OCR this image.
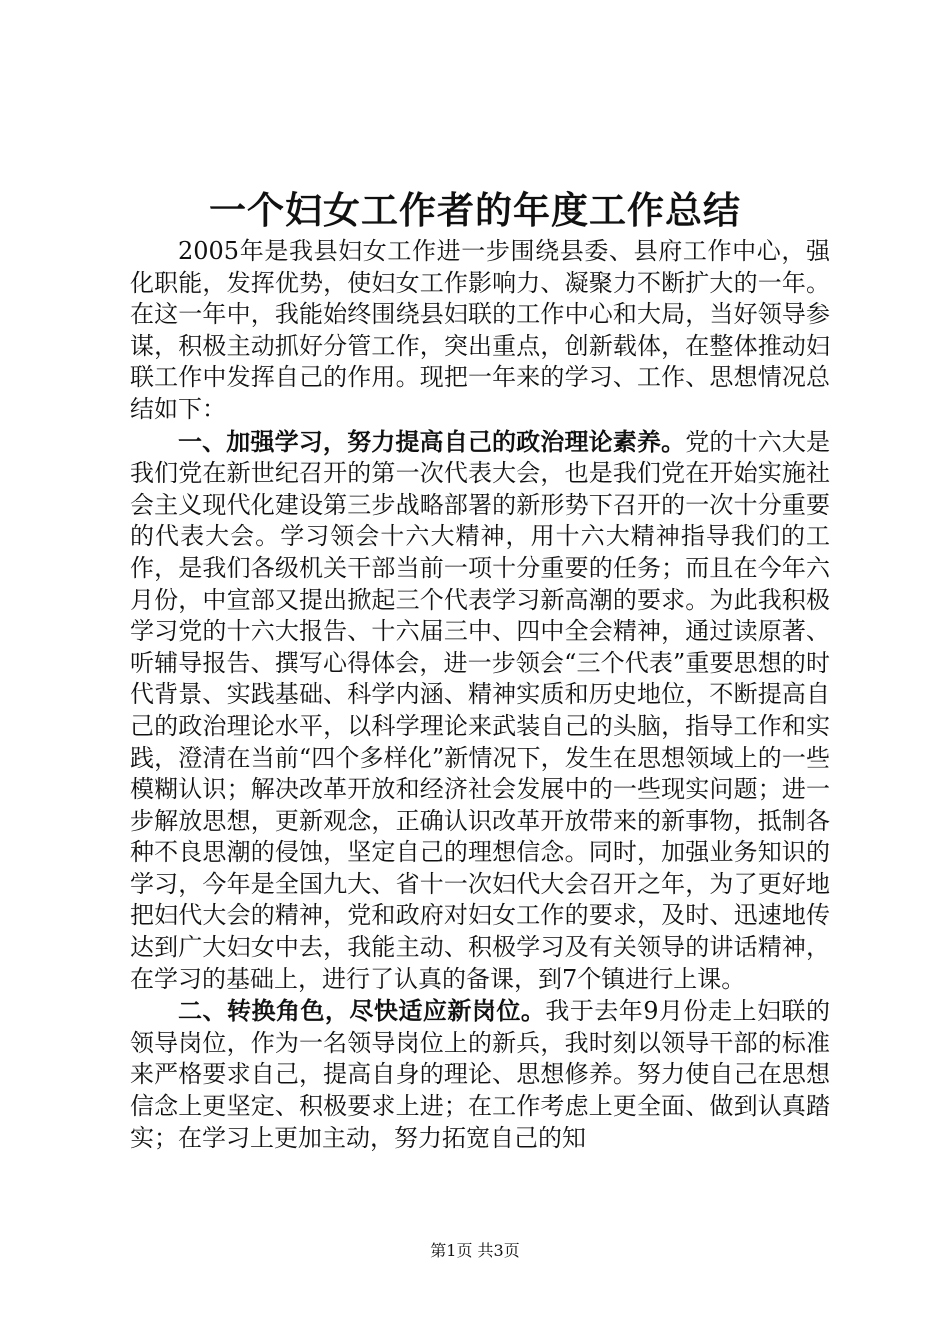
一个妇女工作者的年度工作总结

2005年是我县妇女工作进一步围绕县委、县府工作中心，强化职能，发挥优势，使妇女工作影响力、凝聚力不断扩大的一年。在这一年中，我能始终围绕县妇联的工作中心和大局，当好领导参谋，积极主动抓好分管工作，突出重点，创新载体，在整体推动妇联工作中发挥自己的作用。现把一年来的学习、工作、思想情况总结如下：

一、加强学习，努力提高自己的政治理论素养。党的十六大是我们党在新世纪召开的第一次代表大会，也是我们党在开始实施社会主义现代化建设第三步战略部署的新形势下召开的一次十分重要的代表大会。学习领会十六大精神，用十六大精神指导我们的工作，是我们各级机关干部当前一项十分重要的任务；而且在今年六月份，中宣部又提出掀起三个代表学习新高潮的要求。为此我积极学习党的十六大报告、十六届三中、四中全会精神，通过读原著、听辅导报告、撰写心得体会，进一步领会“三个代表”重要思想的时代背景、实践基础、科学内涵、精神实质和历史地位，不断提高自己的政治理论水平，以科学理论来武装自己的头脑，指导工作和实践，澄清在当前“四个多样化”新情况下，发生在思想领域上的一些模糊认识；解决改革开放和经济社会发展中的一些现实问题；进一步解放思想，更新观念，正确认识改革开放带来的新事物，抵制各种不良思潮的侵蚀，坚定自己的理想信念。同时，加强业务知识的学习，今年是全国九大、省十一次妇代大会召开之年，为了更好地把妇代大会的精神，党和政府对妇女工作的要求，及时、迅速地传达到广大妇女中去，我能主动、积极学习及有关领导的讲话精神，在学习的基础上，进行了认真的备课，到7个镇进行上课。

二、转换角色，尽快适应新岗位。我于去年9月份走上妇联的领导岗位，作为一名领导岗位上的新兵，我时刻以领导干部的标准来严格要求自己，提高自身的理论、思想修养。努力使自己在思想信念上更坚定、积极要求上进；在工作考虑上更全面、做到认真踏实；在学习上更加主动，努力拓宽自己的知

第1页 共3页
